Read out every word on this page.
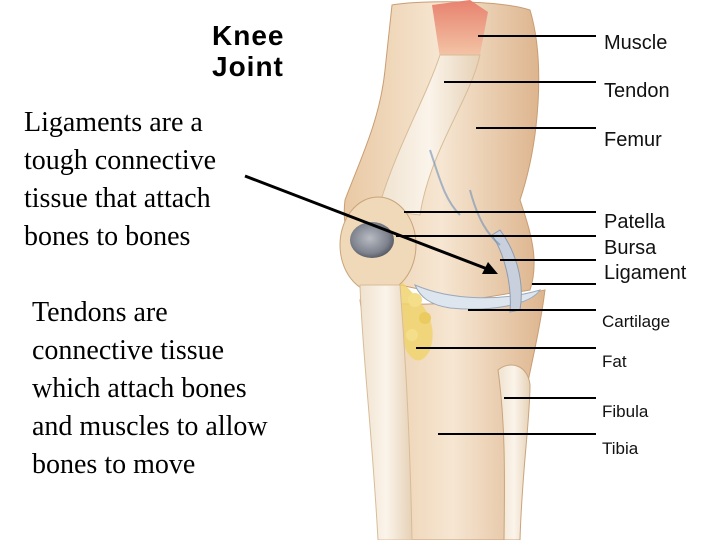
Knee
Joint
Ligaments are a
tough connective
tissue that attach
bones to bones
Tendons are
connective tissue
which attach bones
and muscles to allow
bones to move
Muscle
Tendon
Femur
Patella
Bursa
Ligament
Cartilage
Fat
Fibula
Tibia
